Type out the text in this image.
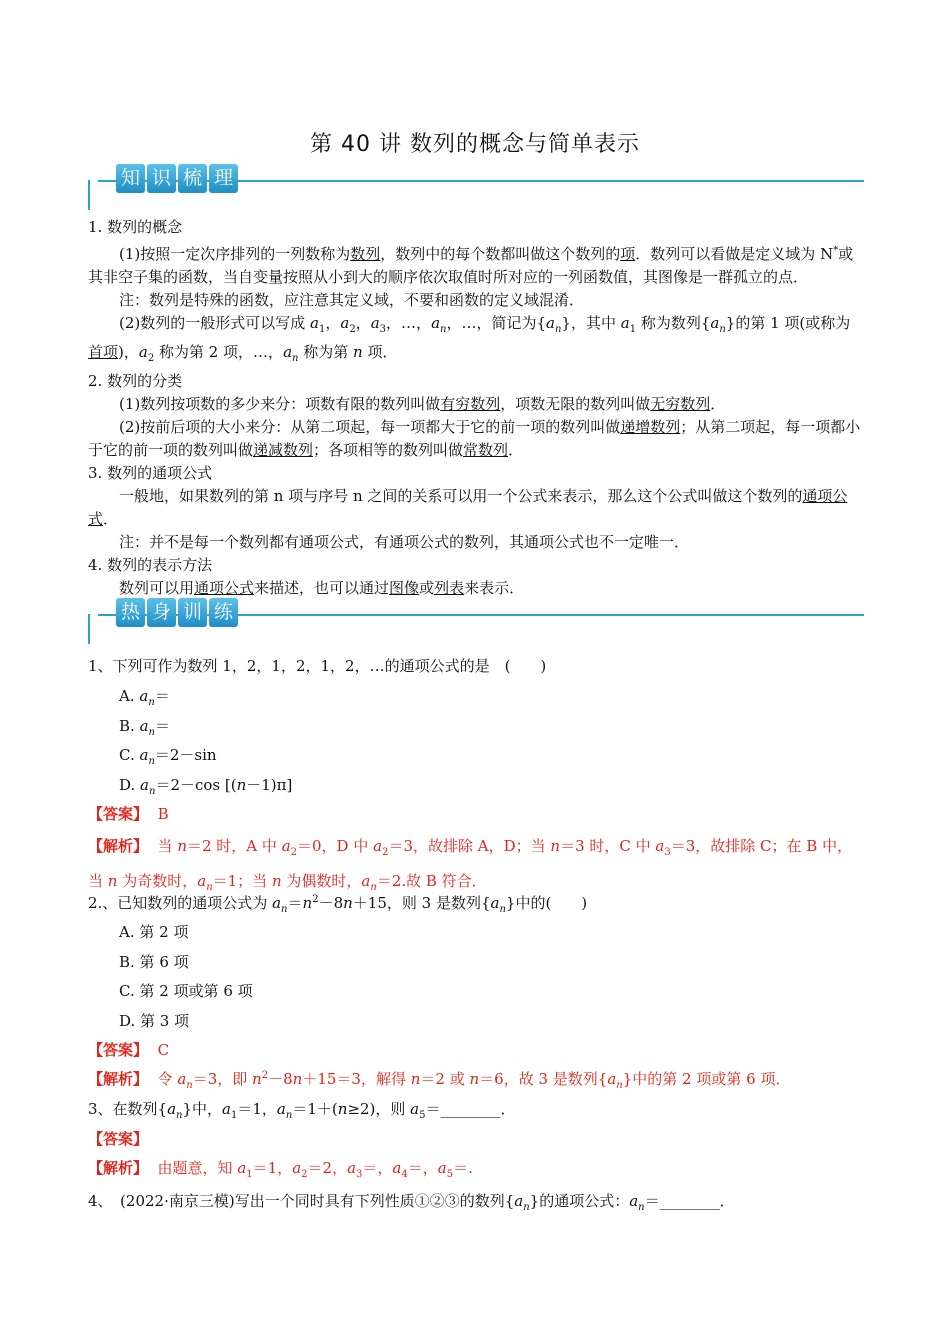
第 40 讲 数列的概念与简单表示
知 识 梳 理

1. 数列的概念

(1)按照一定次序排列的一列数称为数列，数列中的每个数都叫做这个数列的项．数列可以看做是定义域为 N*或其非空子集的函数，当自变量按照从小到大的顺序依次取值时所对应的一列函数值，其图像是一群孤立的点．

注：数列是特殊的函数，应注意其定义域，不要和函数的定义域混淆．

(2)数列的一般形式可以写成 $a_1$，$a_2$，$a_3$，…，$a_n$，…，简记为$\{a_n\}$，其中 $a_1$ 称为数列$\{a_n\}$的第 1 项(或称为首项)，$a_2$ 称为第 2 项，…，$a_n$ 称为第 n 项．

2. 数列的分类

(1)数列按项数的多少来分：项数有限的数列叫做有穷数列，项数无限的数列叫做无穷数列．

(2)按前后项的大小来分：从第二项起，每一项都大于它的前一项的数列叫做递增数列；从第二项起，每一项都小于它的前一项的数列叫做递减数列；各项相等的数列叫做常数列．

3. 数列的通项公式

一般地，如果数列的第 n 项与序号 n 之间的关系可以用一个公式来表示，那么这个公式叫做这个数列的通项公式．

注：并不是每一个数列都有通项公式，有通项公式的数列，其通项公式也不一定唯一．

4. 数列的表示方法

数列可以用通项公式来描述，也可以通过图像或列表来表示．

热 身 训 练
1、下列可作为数列 1，2，1，2，1，2，…的通项公式的是　(　　)
A. $a_n=$
B. $a_n=$
C. $a_n=2-\sin$
D. $a_n=2-\cos$ [(n－1)π]
【答案】 B
【解析】  当 n＝2 时，A 中 $a_2=0$，D 中 $a_2=3$，故排除 A，D；当 n＝3 时，C 中 $a_3=3$，故排除 C；在 B 中，当 n 为奇数时，$a_n=1$；当 n 为偶数时，$a_n=2$.故 B 符合．
2.、已知数列的通项公式为 $a_n=n^2-8n+15$，则 3 是数列$\{a_n\}$中的(　　)
A. 第 2 项
B. 第 6 项
C. 第 2 项或第 6 项
D. 第 3 项
【答案】 C
【解析】  令 $a_n=3$，即 $n^2-8n+15=3$，解得 n＝2 或 n＝6，故 3 是数列$\{a_n\}$中的第 2 项或第 6 项．
3、在数列$\{a_n\}$中，$a_1=1$，$a_n=1+(n\ge 2)$，则 $a_5=\_\_\_\_\_\_\_\_$．
【答案】
【解析】  由题意，知 $a_1=1$，$a_2=2$，$a_3=$，$a_4=$，$a_5=$.
4、　(2022·南京三模)写出一个同时具有下列性质①②③的数列$\{a_n\}$的通项公式：$a_n=\_\_\_\_\_\_\_\_$．
